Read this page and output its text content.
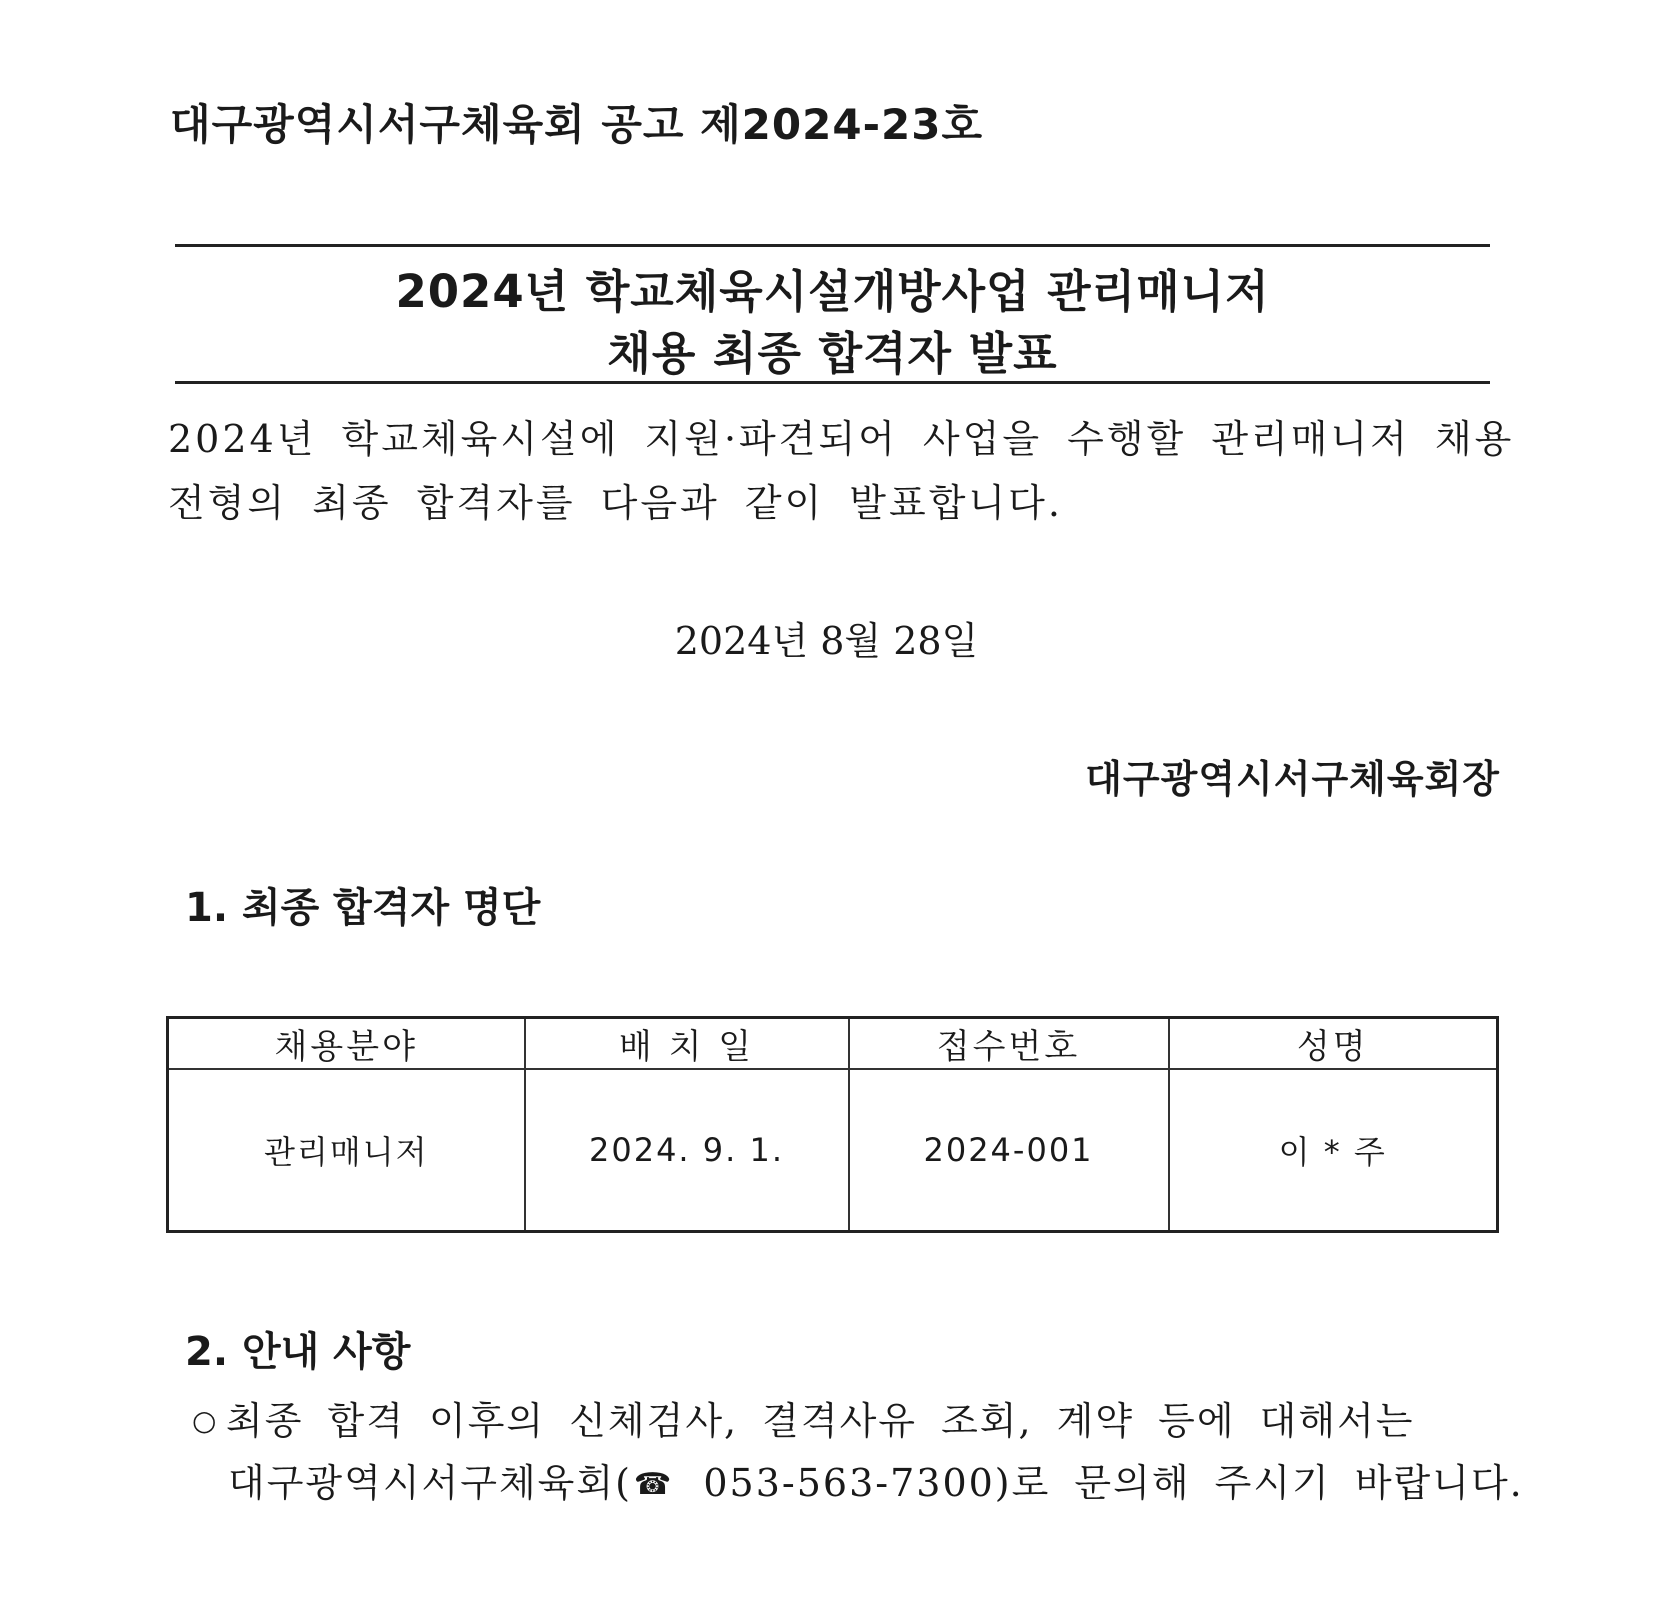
대구광역시서구체육회 공고 제2024-23호
2024년 학교체육시설개방사업 관리매니저
채용 최종 합격자 발표
2024년 학교체육시설에 지원·파견되어 사업을 수행할 관리매니저 채용
전형의 최종 합격자를 다음과 같이 발표합니다.
2024년 8월 28일
대구광역시서구체육회장
1. 최종 합격자 명단
채용분야	배 치 일	접수번호	성명
관리매니저	2024. 9. 1.	2024-001	이 * 주
2. 안내 사항
○ 최종 합격 이후의 신체검사, 결격사유 조회, 계약 등에 대해서는
대구광역시서구체육회(☎ 053-563-7300)로 문의해 주시기 바랍니다.
